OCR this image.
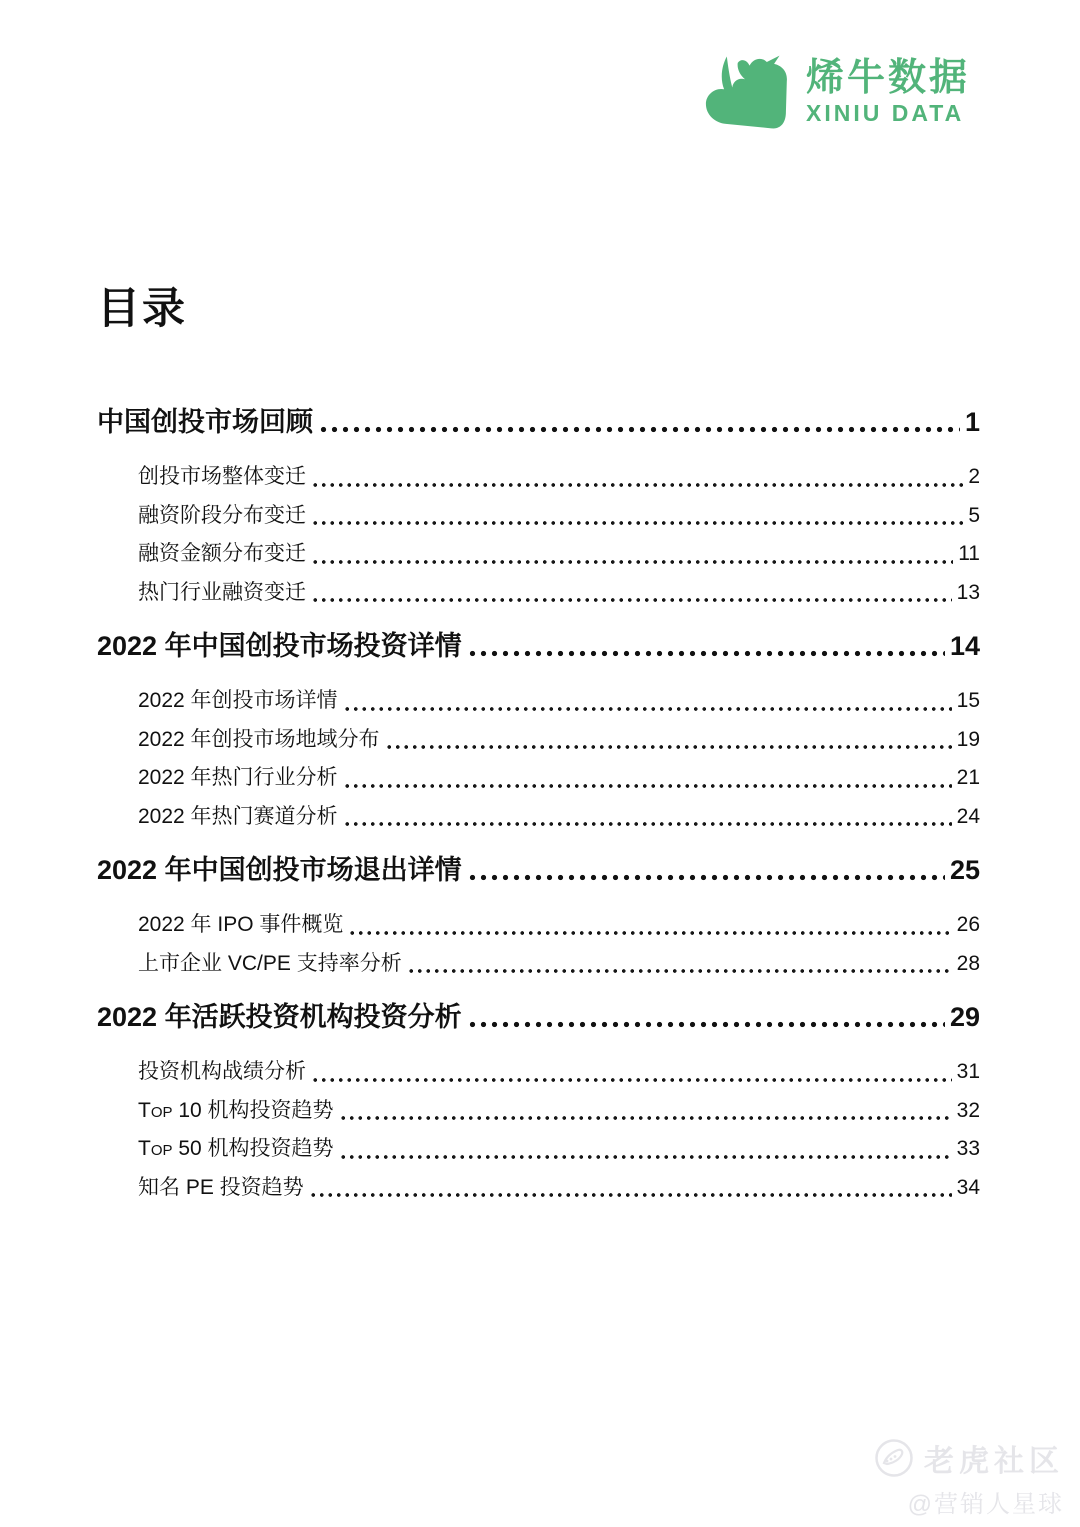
烯牛数据
XINIU DATA
目录
中国创投市场回顾	1
创投市场整体变迁	2
融资阶段分布变迁	5
融资金额分布变迁	11
热门行业融资变迁	13
2022 年中国创投市场投资详情	14
2022 年创投市场详情	15
2022 年创投市场地域分布	19
2022 年热门行业分析	21
2022 年热门赛道分析	24
2022 年中国创投市场退出详情	25
2022 年 IPO 事件概览	26
上市企业 VC/PE 支持率分析	28
2022 年活跃投资机构投资分析	29
投资机构战绩分析	31
Top 10 机构投资趋势	32
Top 50 机构投资趋势	33
知名 PE 投资趋势	34
老虎社区
@营销人星球
